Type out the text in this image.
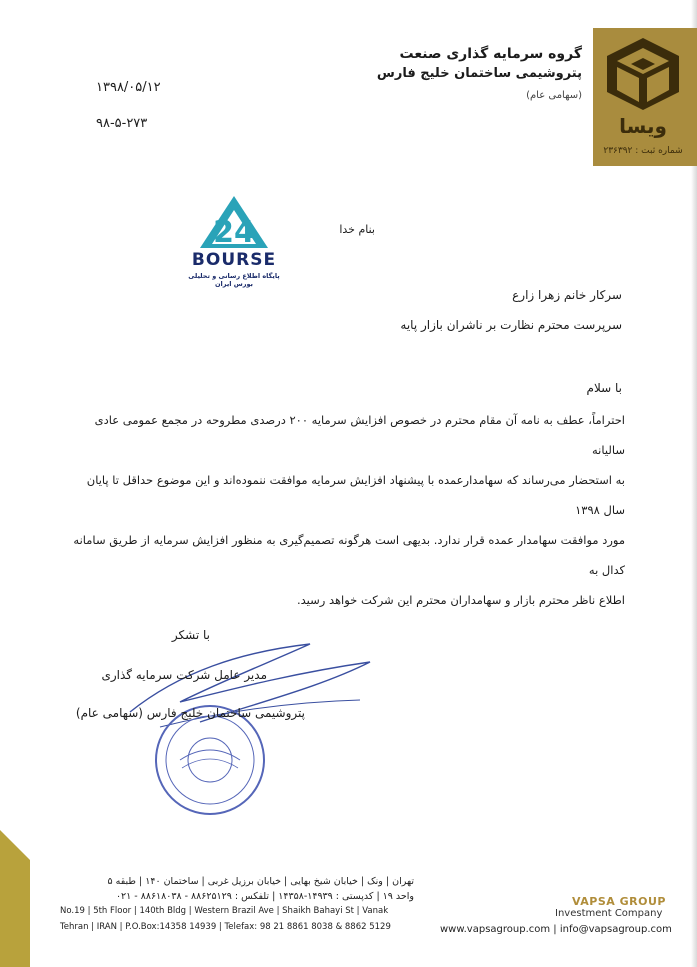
ویسا
شماره ثبت : ۲۳۶۳۹۲
گروه سرمایه گذاری صنعت
پتروشیمی ساختمان خلیج فارس
(سهامی عام)
۱۳۹۸/۰۵/۱۲
۹۸-۵-۲۷۳
24
BOURSE
پایگاه اطلاع رسانی و تحلیلی بورس ایران
بنام خدا
سرکار خانم زهرا زارع
سرپرست محترم نظارت بر ناشران بازار پایه
با سلام

احتراماً، عطف به نامه آن مقام محترم در خصوص افزایش سرمایه ۲۰۰ درصدی مطروحه در مجمع عمومی عادی سالیانه

به استحضار می‌رساند که سهامدارعمده با پیشنهاد افزایش سرمایه موافقت ننموده‌اند و این موضوع حداقل تا پایان سال ۱۳۹۸

مورد موافقت سهامدار عمده قرار ندارد. بدیهی است هرگونه تصمیم‌گیری به منظور افزایش سرمایه از طریق سامانه کدال به

اطلاع ناظر محترم بازار و سهامداران محترم این شرکت خواهد رسید.

با تشکر
مدیر عامل شرکت سرمایه گذاری
پتروشیمی ساختمان خلیج فارس (سهامی عام)
تهران | ونک | خیابان شیخ بهایی | خیابان برزیل غربی | ساختمان ۱۴۰ | طبقه ۵
واحد ۱۹ | کدپستی : ۱۴۹۳۹-۱۴۳۵۸ | تلفکس : ۸۸۶۲۵۱۲۹ - ۸۸۶۱۸۰۳۸ - ۰۲۱
No.19 | 5th Floor | 140th Bldg | Western Brazil Ave | Shaikh Bahayi St | Vanak
Tehran | IRAN | P.O.Box:14358 14939 | Telefax: 98 21 8861 8038 & 8862 5129
VAPSA GROUP
Investment Company
www.vapsagroup.com | info@vapsagroup.com
